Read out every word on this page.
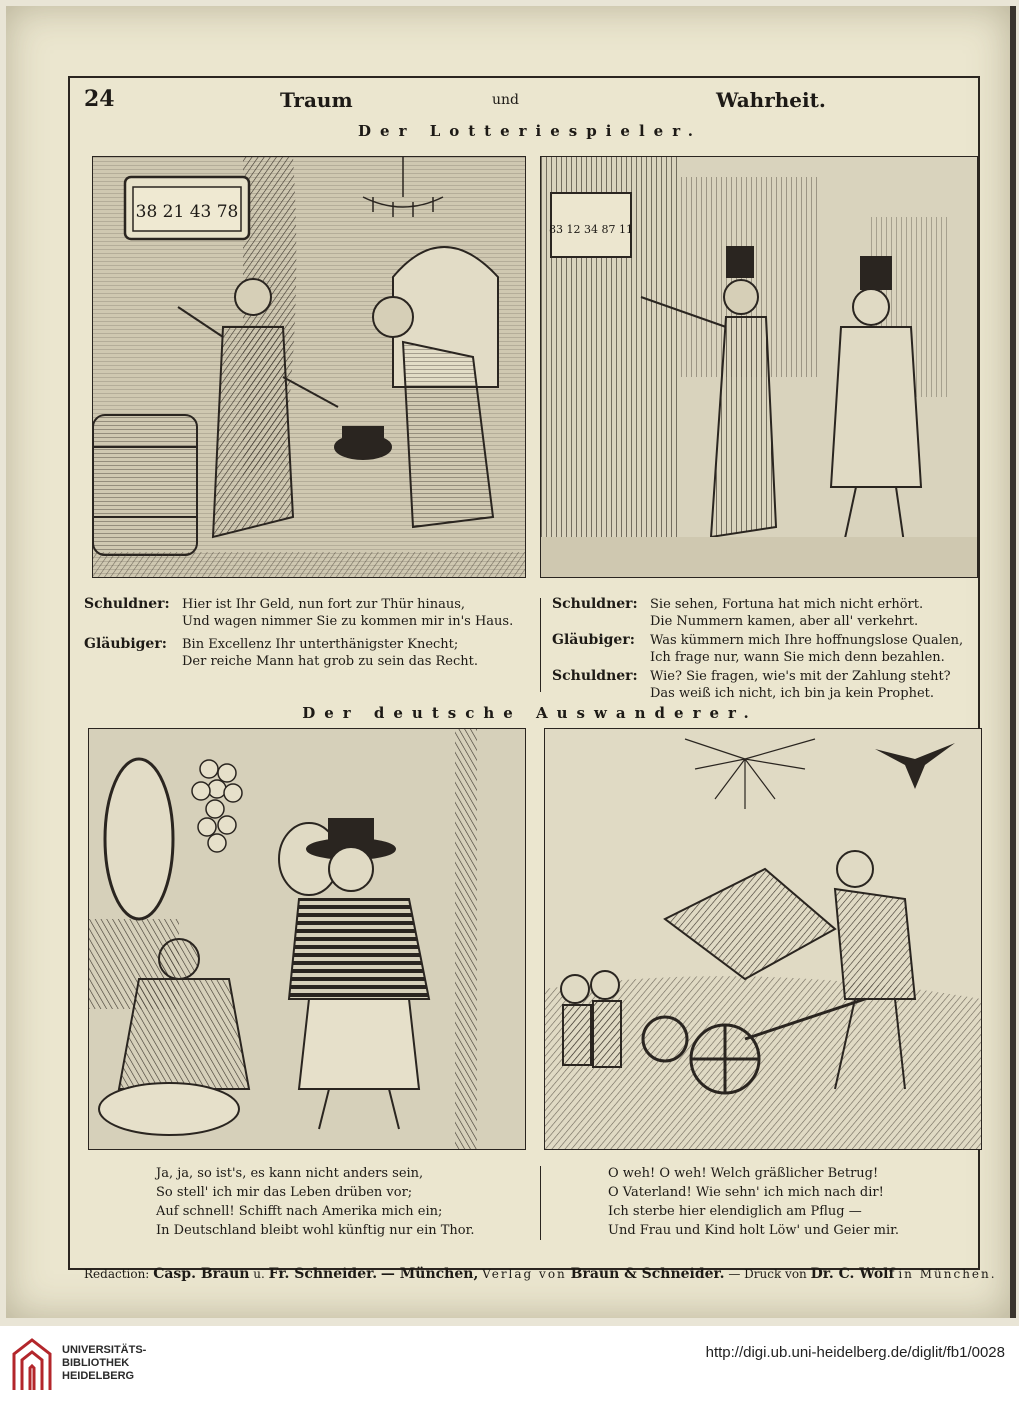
24	Traum	und	Wahrheit.
Der Lotteriespieler.
38 21 43 78
83 12 34 87 11
Schuldner: Hier ist Ihr Geld, nun fort zur Thür hinaus,
Und wagen nimmer Sie zu kommen mir in's Haus.
Gläubiger:	Bin Excellenz Ihr unterthänigster Knecht;
Der reiche Mann hat grob zu sein das Recht.
Schuldner: Sie sehen, Fortuna hat mich nicht erhört.
Die Nummern kamen, aber all' verkehrt.
Gläubiger:	Was kümmern mich Ihre hoffnungslose Qualen,
Ich frage nur, wann Sie mich denn bezahlen.
Schuldner: Wie? Sie fragen, wie's mit der Zahlung steht?
Das weiß ich nicht, ich bin ja kein Prophet.
Der deutsche Auswanderer.
Ja, ja, so ist's, es kann nicht anders sein,
So stell' ich mir das Leben drüben vor;
Auf schnell! Schifft nach Amerika mich ein;
In Deutschland bleibt wohl künftig nur ein Thor.
O weh! O weh! Welch gräßlicher Betrug!
O Vaterland! Wie sehn' ich mich nach dir!
Ich sterbe hier elendiglich am Pflug —
Und Frau und Kind holt Löw' und Geier mir.
Redaction: Casp. Braun u. Fr. Schneider. — München, Verlag von Braun & Schneider. — Druck von Dr. C. Wolf in München.
UNIVERSITÄTS-
BIBLIOTHEK
HEIDELBERG
http://digi.ub.uni-heidelberg.de/diglit/fb1/0028
